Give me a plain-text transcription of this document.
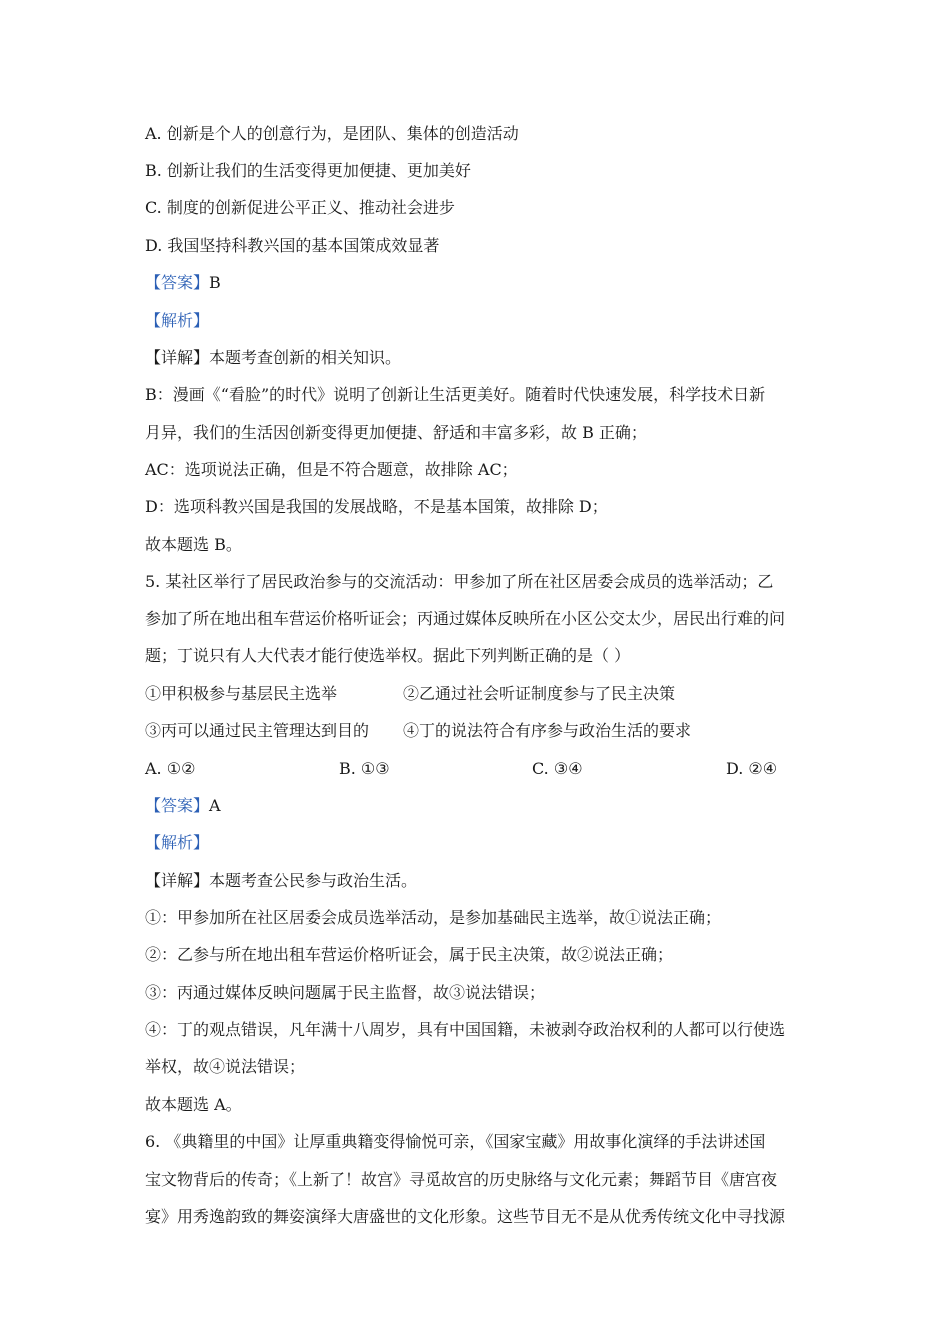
A. 创新是个人的创意行为，是团队、集体的创造活动
B. 创新让我们的生活变得更加便捷、更加美好
C. 制度的创新促进公平正义、推动社会进步
D. 我国坚持科教兴国的基本国策成效显著
【答案】B
【解析】
【详解】本题考查创新的相关知识。
B：漫画《“看脸”的时代》说明了创新让生活更美好。随着时代快速发展，科学技术日新
月异，我们的生活因创新变得更加便捷、舒适和丰富多彩，故 B 正确；
AC：选项说法正确，但是不符合题意，故排除 AC；
D：选项科教兴国是我国的发展战略，不是基本国策，故排除 D；
故本题选 B。
5. 某社区举行了居民政治参与的交流活动：甲参加了所在社区居委会成员的选举活动；乙
参加了所在地出租车营运价格听证会；丙通过媒体反映所在小区公交太少，居民出行难的问
题；丁说只有人大代表才能行使选举权。据此下列判断正确的是（ ）
①甲积极参与基层民主选举	②乙通过社会听证制度参与了民主决策
③丙可以通过民主管理达到目的 ④丁的说法符合有序参与政治生活的要求
A. ①②	B. ①③	C. ③④	D. ②④
【答案】A
【解析】
【详解】本题考查公民参与政治生活。
①：甲参加所在社区居委会成员选举活动，是参加基础民主选举，故①说法正确；
②：乙参与所在地出租车营运价格听证会，属于民主决策，故②说法正确；
③：丙通过媒体反映问题属于民主监督，故③说法错误；
④：丁的观点错误，凡年满十八周岁，具有中国国籍，未被剥夺政治权利的人都可以行使选
举权，故④说法错误；
故本题选 A。
6. 《典籍里的中国》让厚重典籍变得愉悦可亲，《国家宝藏》用故事化演绎的手法讲述国
宝文物背后的传奇；《上新了！故宫》寻觅故宫的历史脉络与文化元素；舞蹈节目《唐宫夜
宴》用秀逸韵致的舞姿演绎大唐盛世的文化形象。这些节目无不是从优秀传统文化中寻找源
